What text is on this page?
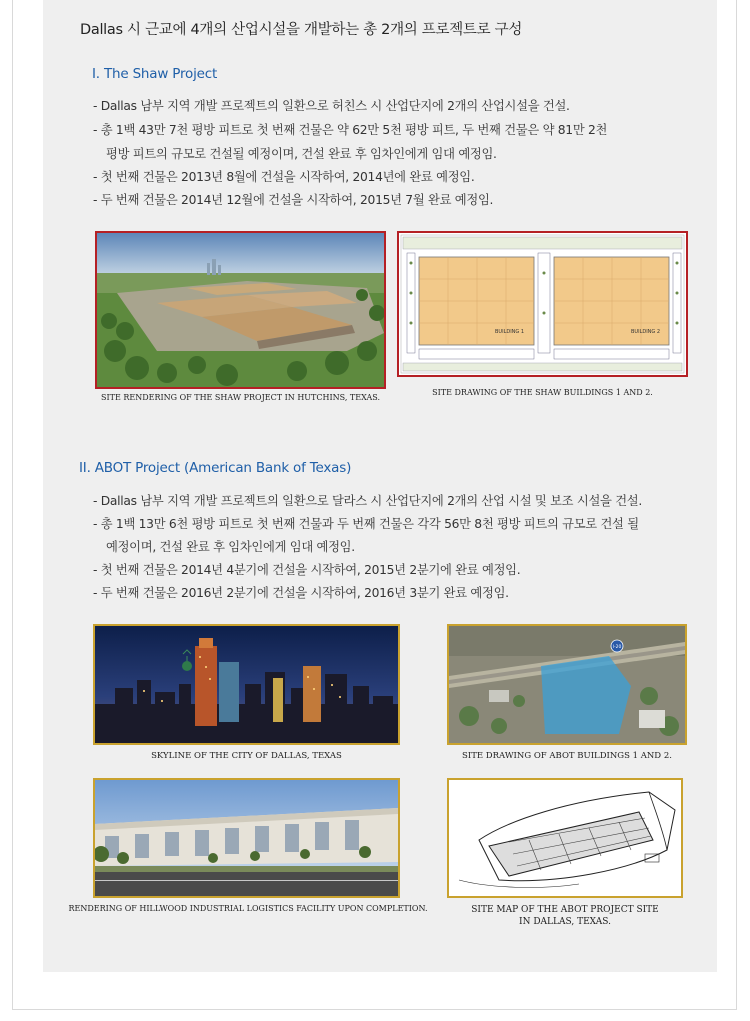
Dallas 시 근교에 4개의 산업시설을 개발하는 총 2개의 프로젝트로 구성
I. The Shaw Project
- Dallas 남부 지역 개발 프로젝트의 일환으로 허친스 시 산업단지에 2개의 산업시설을 건설.
- 총 1백 43만 7천 평방 피트로 첫 번째 건물은 약 62만 5천 평방 피트, 두 번째 건물은 약 81만 2천
평방 피트의 규모로 건설될 예정이며, 건설 완료 후 임차인에게 임대 예정임.
- 첫 번째 건물은 2013년 8월에 건설을 시작하여, 2014년에 완료 예정임.
- 두 번째 건물은 2014년 12월에 건설을 시작하여, 2015년 7월 완료 예정임.
SITE RENDERING OF THE SHAW PROJECT IN HUTCHINS, TEXAS.
BUILDING 1	BUILDING 2
SITE DRAWING OF THE SHAW BUILDINGS 1 AND 2.
II. ABOT Project (American Bank of Texas)
- Dallas 남부 지역 개발 프로젝트의 일환으로 달라스 시 산업단지에 2개의 산업 시설 및 보조 시설을 건설.
- 총 1백 13만 6천 평방 피트로 첫 번째 건물과 두 번째 건물은 각각 56만 8천 평방 피트의 규모로 건설 될
예정이며, 건설 완료 후 임차인에게 임대 예정임.
- 첫 번째 건물은 2014년 4분기에 건설을 시작하여, 2015년 2분기에 완료 예정임.
- 두 번째 건물은 2016년 2분기에 건설을 시작하여, 2016년 3분기 완료 예정임.
SKYLINE OF THE CITY OF DALLAS, TEXAS
I-20
SITE DRAWING OF ABOT BUILDINGS 1 AND 2.
RENDERING OF HILLWOOD INDUSTRIAL LOGISTICS FACILITY UPON COMPLETION.	SITE MAP OF THE ABOT PROJECT SITE
IN DALLAS, TEXAS.
